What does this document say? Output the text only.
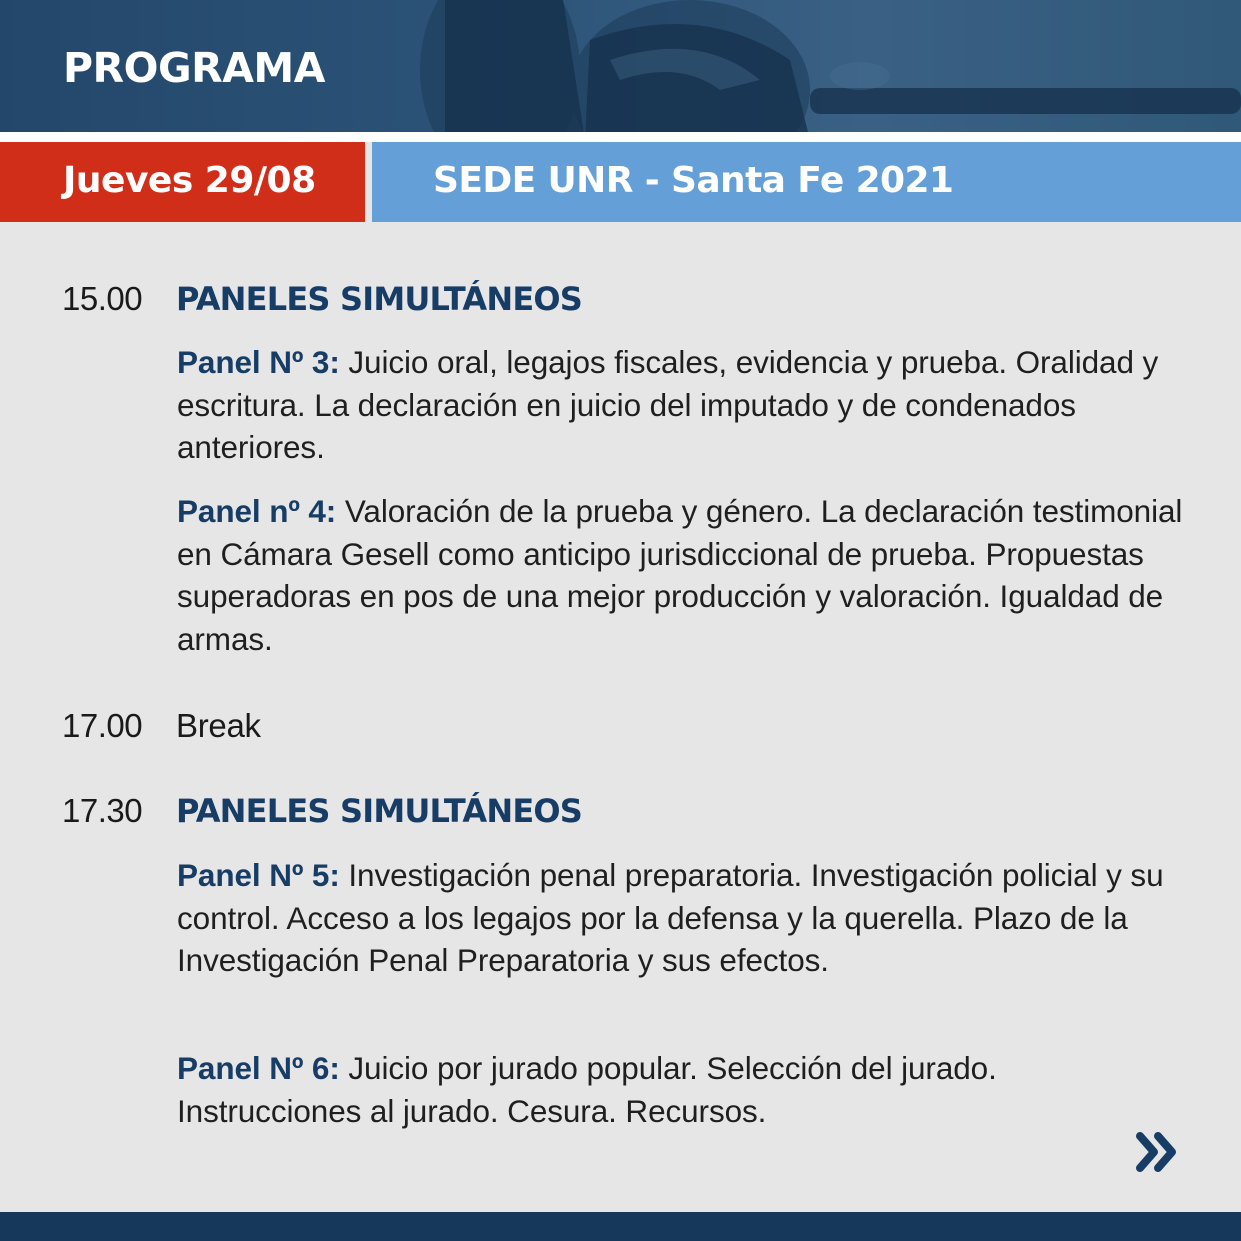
PROGRAMA
Jueves 29/08	SEDE UNR - Santa Fe 2021
15.00 PANELES SIMULTÁNEOS
Panel Nº 3: Juicio oral, legajos fiscales, evidencia y prueba. Oralidad y escritura. La declaración en juicio del imputado y de condenados anteriores.
Panel nº 4: Valoración de la prueba y género. La declaración testimonial en Cámara Gesell como anticipo jurisdiccional de prueba. Propuestas superadoras en pos de una mejor producción y valoración. Igualdad de armas.
17.00 Break
17.30 PANELES SIMULTÁNEOS
Panel Nº 5: Investigación penal preparatoria. Investigación policial y su control. Acceso a los legajos por la defensa y la querella. Plazo de la Investigación Penal Preparatoria y sus efectos.
Panel Nº 6: Juicio por jurado popular. Selección del jurado. Instrucciones al jurado. Cesura. Recursos.
